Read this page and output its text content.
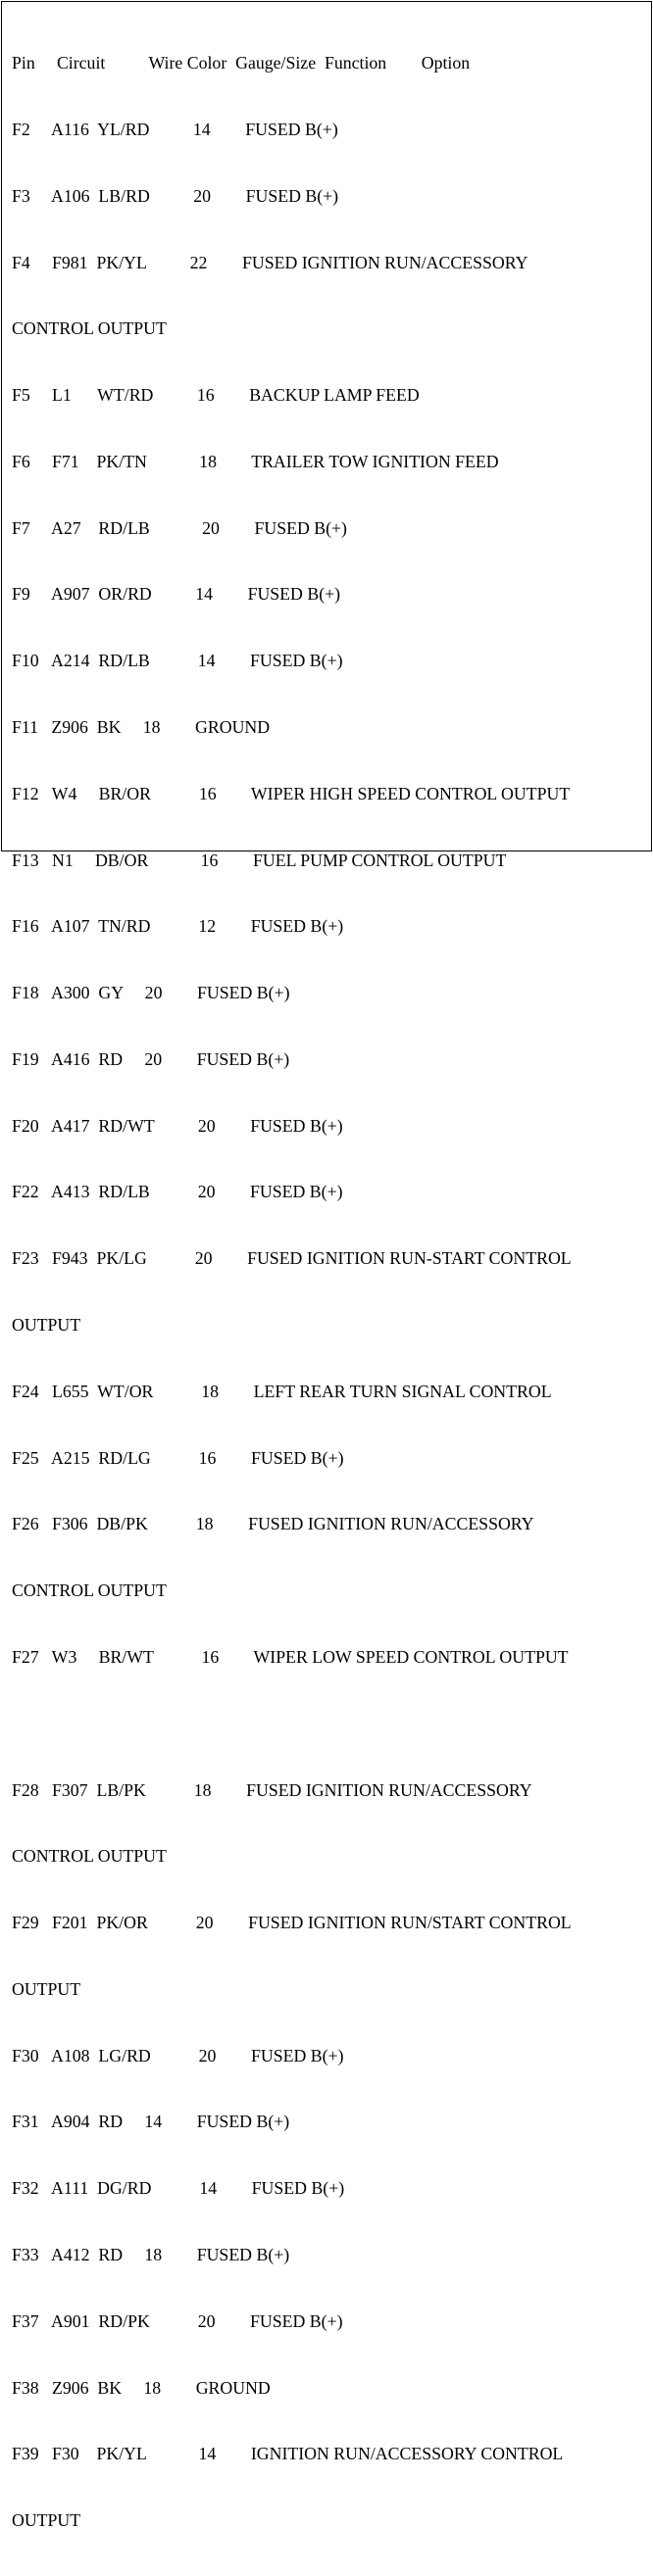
Pin     Circuit          Wire Color  Gauge/Size  Function        Option

F2     A116  YL/RD          14        FUSED B(+)

F3     A106  LB/RD          20        FUSED B(+)

F4     F981  PK/YL          22        FUSED IGNITION RUN/ACCESSORY

CONTROL OUTPUT

F5     L1      WT/RD          16        BACKUP LAMP FEED

F6     F71    PK/TN            18        TRAILER TOW IGNITION FEED

F7     A27    RD/LB            20        FUSED B(+)

F9     A907  OR/RD          14        FUSED B(+)

F10   A214  RD/LB           14        FUSED B(+)

F11   Z906  BK     18        GROUND

F12   W4     BR/OR           16        WIPER HIGH SPEED CONTROL OUTPUT

F13   N1     DB/OR            16        FUEL PUMP CONTROL OUTPUT

F16   A107  TN/RD           12        FUSED B(+)

F18   A300  GY     20        FUSED B(+)

F19   A416  RD     20        FUSED B(+)

F20   A417  RD/WT          20        FUSED B(+)

F22   A413  RD/LB           20        FUSED B(+)

F23   F943  PK/LG           20        FUSED IGNITION RUN-START CONTROL

OUTPUT

F24   L655  WT/OR           18        LEFT REAR TURN SIGNAL CONTROL

F25   A215  RD/LG           16        FUSED B(+)

F26   F306  DB/PK           18        FUSED IGNITION RUN/ACCESSORY

CONTROL OUTPUT

F27   W3     BR/WT           16        WIPER LOW SPEED CONTROL OUTPUT

F28   F307  LB/PK           18        FUSED IGNITION RUN/ACCESSORY

CONTROL OUTPUT

F29   F201  PK/OR           20        FUSED IGNITION RUN/START CONTROL

OUTPUT

F30   A108  LG/RD           20        FUSED B(+)

F31   A904  RD     14        FUSED B(+)

F32   A111  DG/RD           14        FUSED B(+)

F33   A412  RD     18        FUSED B(+)

F37   A901  RD/PK           20        FUSED B(+)

F38   Z906  BK     18        GROUND

F39   F30    PK/YL            14        IGNITION RUN/ACCESSORY CONTROL

OUTPUT
